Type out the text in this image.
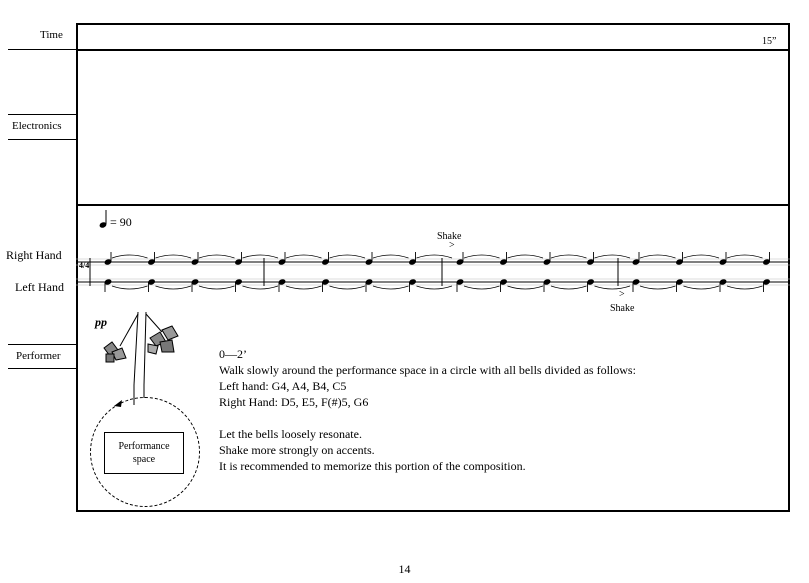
Time
Electronics
Right Hand
Left Hand
Performer
15”
= 90
4/4
Shake
>
>
Shake
pp
Performance space
0—2’
Walk slowly around the performance space in a circle with all bells divided as follows:
Left hand: G4, A4, B4, C5
Right Hand: D5, E5, F(#)5, G6
Let the bells loosely resonate.
Shake more strongly on accents.
It is recommended to memorize this portion of the composition.
14
